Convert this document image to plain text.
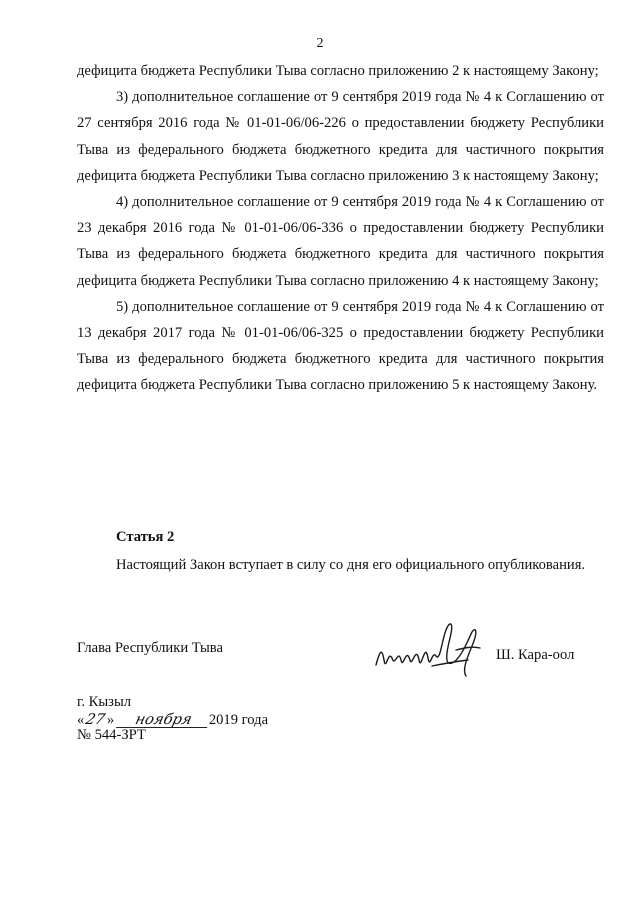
2

дефицита бюджета Республики Тыва согласно приложению 2 к настоящему Закону;

3) дополнительное соглашение от 9 сентября 2019 года № 4 к Соглашению от 27 сентября 2016 года № 01-01-06/06-226 о предоставлении бюджету Республики Тыва из федерального бюджета бюджетного кредита для частичного покрытия дефицита бюджета Республики Тыва согласно приложению 3 к настоящему Закону;

4) дополнительное соглашение от 9 сентября 2019 года № 4 к Соглашению от 23 декабря 2016 года № 01-01-06/06-336 о предоставлении бюджету Республики Тыва из федерального бюджета бюджетного кредита для частичного покрытия дефицита бюджета Республики Тыва согласно приложению 4 к настоящему Закону;

5) дополнительное соглашение от 9 сентября 2019 года № 4 к Соглашению от 13 декабря 2017 года № 01-01-06/06-325 о предоставлении бюджету Республики Тыва из федерального бюджета бюджетного кредита для частичного покрытия дефицита бюджета Республики Тыва согласно приложению 5 к настоящему Закону.

Статья 2
Настоящий Закон вступает в силу со дня его официального опубликования.
Глава Республики Тыва	Ш. Кара-оол
г. Кызыл
«27» ноября 2019 года
№ 544-ЗРТ
